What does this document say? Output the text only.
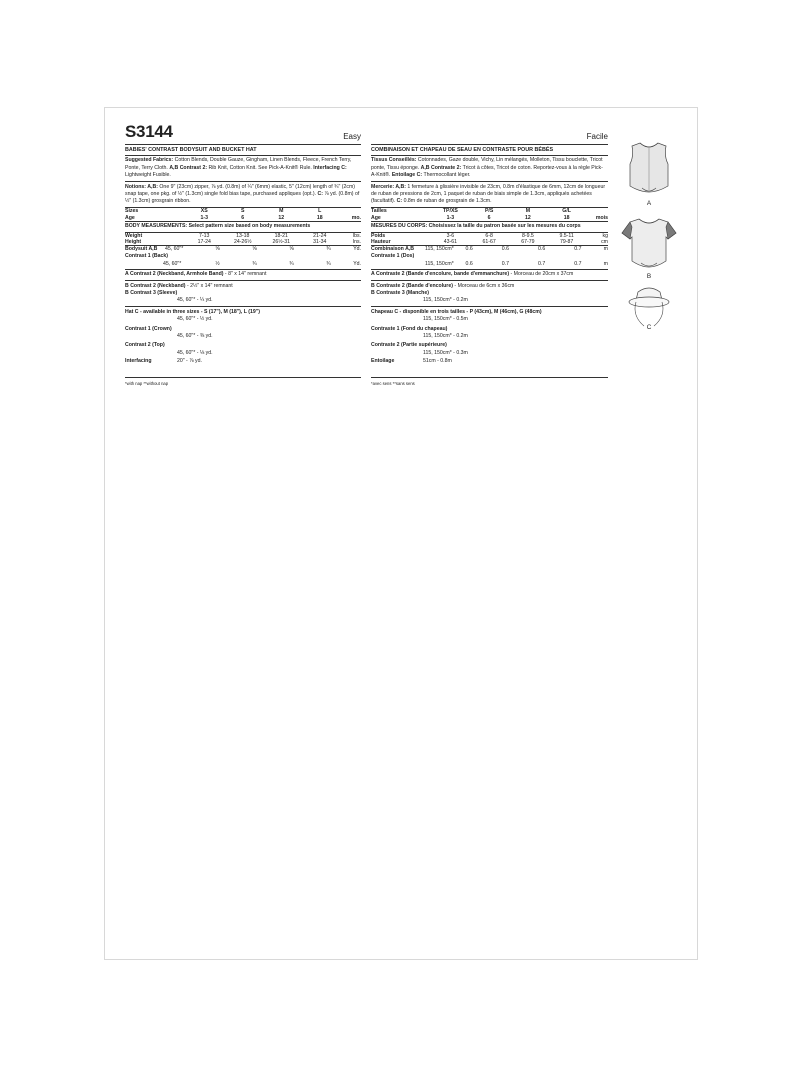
S3144	Easy
BABIES' CONTRAST BODYSUIT AND BUCKET HAT
Suggested Fabrics: Cotton Blends, Double Gauze, Gingham, Linen Blends, Fleece, French Terry, Ponte, Terry Cloth. A,B Contrast 2: Rib Knit, Cotton Knit. See Pick-A-Knit® Rule. Interfacing C: Lightweight Fusible.
Notions: A,B: One 9" (23cm) zipper, ⅞ yd. (0.8m) of ¼" (6mm) elastic, 5" (12cm) length of ¾" (2cm) snap tape, one pkg. of ½" (1.3cm) single fold bias tape, purchased appliques (opt.). C: ⅞ yd. (0.8m) of ½" (1.3cm) grosgrain ribbon.
Sizes	XS	S	M	L	
Age	1-3	6	12	18	mo.
BODY MEASUREMENTS: Select pattern size based on body measurements
Weight	7-13	13-18	18-21	21-24	lbs.
Height	17-24	24-26½	26½-31	31-34	Ins.
Bodysuit A,B	45, 60"*	⅝	⅝	⅝	¾	Yd.
Contrast 1 (Back)						
	45, 60"*	½	¾	¾	¾	Yd.
A Contrast 2 (Neckband, Armhole Band) - 8" x 14" remnant
B Contrast 2 (Neckband) - 2½" x 14" remnant
B Contrast 3 (Sleeve)
45, 60"* - ¼ yd.
Hat C - available in three sizes - S (17"), M (18"), L (19")
45, 60"* - ½ yd.
Contrast 1 (Crown)
45, 60"* - ⅜ yd.
Contrast 2 (Top)
45, 60"* - ⅛ yd.
Interfacing	20" - ⅞ yd.
*with nap **without nap
Facile
COMBINAISON ET CHAPEAU DE SEAU EN CONTRASTE POUR BÉBÉS
Tissus Conseillés: Cotonnades, Gaze double, Vichy, Lin mélangés, Molleton, Tissu bouclette, Tricot ponte, Tissu éponge. A,B Contraste 2: Tricot à côtes, Tricot de coton. Reportez-vous à la règle Pick-A-Knit®. Entoilage C: Thermocollant léger.
Mercerie: A,B: 1 fermeture à glissière invisible de 23cm, 0.8m d'élastique de 6mm, 12cm de longueur de ruban de pressions de 2cm, 1 paquet de ruban de biais simple de 1.3cm, appliqués achetées (facultatif). C: 0.8m de ruban de grosgrain de 1.3cm.
Tailles	TP/XS	P/S	M	G/L	
Âge	1-3	6	12	18	mois
MESURES DU CORPS: Choisissez la taille du patron basée sur les mesures du corps
Poids	3-6	6-8	8-9.5	9.5-11	kg
Hauteur	43-61	61-67	67-79	79-87	cm
Combinaison A,B	115, 150cm*	0.6	0.6	0.6	0.7	m
Contraste 1 (Dos)						
	115, 150cm*	0.6	0.7	0.7	0.7	m
A Contraste 2 (Bande d'encolure, bande d'emmanchure) - Morceau de 20cm x 37cm
B Contraste 2 (Bande d'encolure) - Morceau de 6cm x 36cm
B Contraste 3 (Manche)
115, 150cm* - 0.2m
Chapeau C - disponible en trois tailles - P (43cm), M (46cm), G (48cm)
115, 150cm* - 0.5m
Contraste 1 (Fond du chapeau)
115, 150cm* - 0.2m
Contraste 2 (Partie supérieure)
115, 150cm* - 0.3m
Entoilage	51cm - 0.8m
*avec sens **sans sens
A
B
C
